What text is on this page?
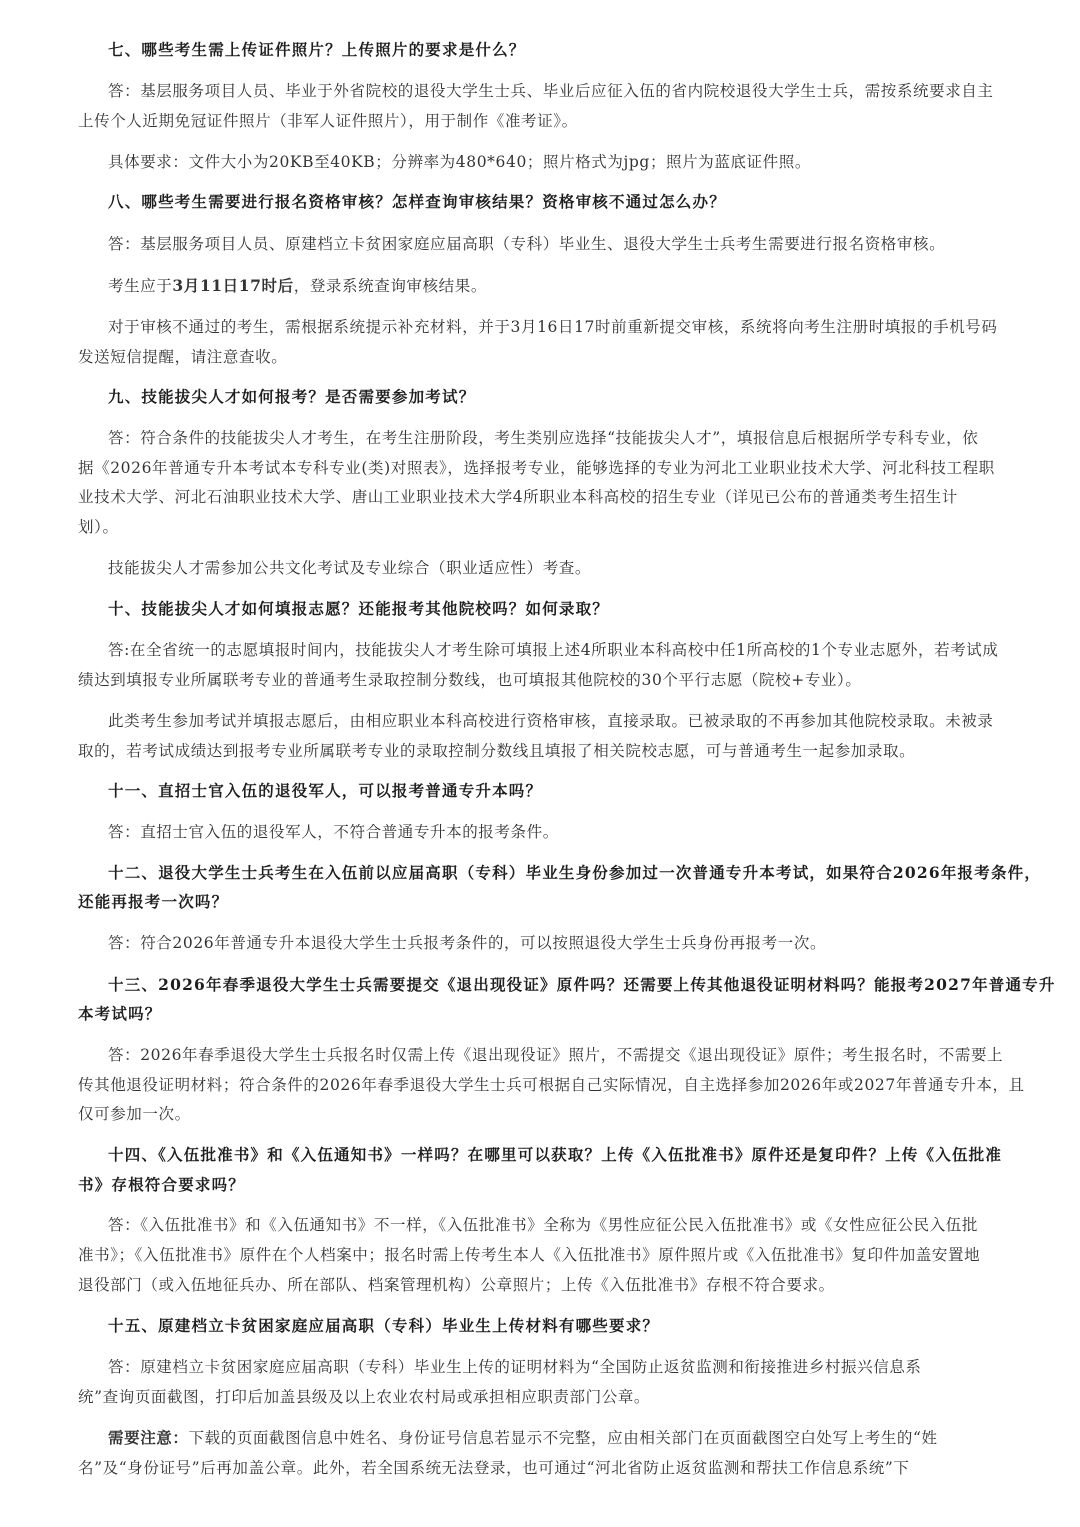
七、哪些考生需上传证件照片？上传照片的要求是什么？
答：基层服务项目人员、毕业于外省院校的退役大学生士兵、毕业后应征入伍的省内院校退役大学生士兵，需按系统要求自主
上传个人近期免冠证件照片（非军人证件照片），用于制作《准考证》。
具体要求：文件大小为20KB至40KB；分辨率为480*640；照片格式为jpg；照片为蓝底证件照。
八、哪些考生需要进行报名资格审核？怎样查询审核结果？资格审核不通过怎么办？
答：基层服务项目人员、原建档立卡贫困家庭应届高职（专科）毕业生、退役大学生士兵考生需要进行报名资格审核。
考生应于3月11日17时后，登录系统查询审核结果。
对于审核不通过的考生，需根据系统提示补充材料，并于3月16日17时前重新提交审核，系统将向考生注册时填报的手机号码
发送短信提醒，请注意查收。
九、技能拔尖人才如何报考？是否需要参加考试？
答：符合条件的技能拔尖人才考生，在考生注册阶段，考生类别应选择“技能拔尖人才”，填报信息后根据所学专科专业，依
据《2026年普通专升本考试本专科专业(类)对照表》，选择报考专业，能够选择的专业为河北工业职业技术大学、河北科技工程职
业技术大学、河北石油职业技术大学、唐山工业职业技术大学4所职业本科高校的招生专业（详见已公布的普通类考生招生计
划）。
技能拔尖人才需参加公共文化考试及专业综合（职业适应性）考查。
十、技能拔尖人才如何填报志愿？还能报考其他院校吗？如何录取？
答:在全省统一的志愿填报时间内，技能拔尖人才考生除可填报上述4所职业本科高校中任1所高校的1个专业志愿外，若考试成
绩达到填报专业所属联考专业的普通考生录取控制分数线，也可填报其他院校的30个平行志愿（院校+专业）。
此类考生参加考试并填报志愿后，由相应职业本科高校进行资格审核，直接录取。已被录取的不再参加其他院校录取。未被录
取的，若考试成绩达到报考专业所属联考专业的录取控制分数线且填报了相关院校志愿，可与普通考生一起参加录取。
十一、直招士官入伍的退役军人，可以报考普通专升本吗？
答：直招士官入伍的退役军人，不符合普通专升本的报考条件。
十二、退役大学生士兵考生在入伍前以应届高职（专科）毕业生身份参加过一次普通专升本考试，如果符合2026年报考条件，
还能再报考一次吗？
答：符合2026年普通专升本退役大学生士兵报考条件的，可以按照退役大学生士兵身份再报考一次。
十三、2026年春季退役大学生士兵需要提交《退出现役证》原件吗？还需要上传其他退役证明材料吗？能报考2027年普通专升
本考试吗？
答：2026年春季退役大学生士兵报名时仅需上传《退出现役证》照片，不需提交《退出现役证》原件；考生报名时，不需要上
传其他退役证明材料；符合条件的2026年春季退役大学生士兵可根据自己实际情况，自主选择参加2026年或2027年普通专升本，且
仅可参加一次。
十四、《入伍批准书》和《入伍通知书》一样吗？在哪里可以获取？上传《入伍批准书》原件还是复印件？上传《入伍批准
书》存根符合要求吗？
答：《入伍批准书》和《入伍通知书》不一样，《入伍批准书》全称为《男性应征公民入伍批准书》或《女性应征公民入伍批
准书》；《入伍批准书》原件在个人档案中；报名时需上传考生本人《入伍批准书》原件照片或《入伍批准书》复印件加盖安置地
退役部门（或入伍地征兵办、所在部队、档案管理机构）公章照片；上传《入伍批准书》存根不符合要求。
十五、原建档立卡贫困家庭应届高职（专科）毕业生上传材料有哪些要求？
答：原建档立卡贫困家庭应届高职（专科）毕业生上传的证明材料为“全国防止返贫监测和衔接推进乡村振兴信息系
统”查询页面截图，打印后加盖县级及以上农业农村局或承担相应职责部门公章。
需要注意：下载的页面截图信息中姓名、身份证号信息若显示不完整，应由相关部门在页面截图空白处写上考生的“姓
名”及“身份证号”后再加盖公章。此外，若全国系统无法登录，也可通过“河北省防止返贫监测和帮扶工作信息系统”下
